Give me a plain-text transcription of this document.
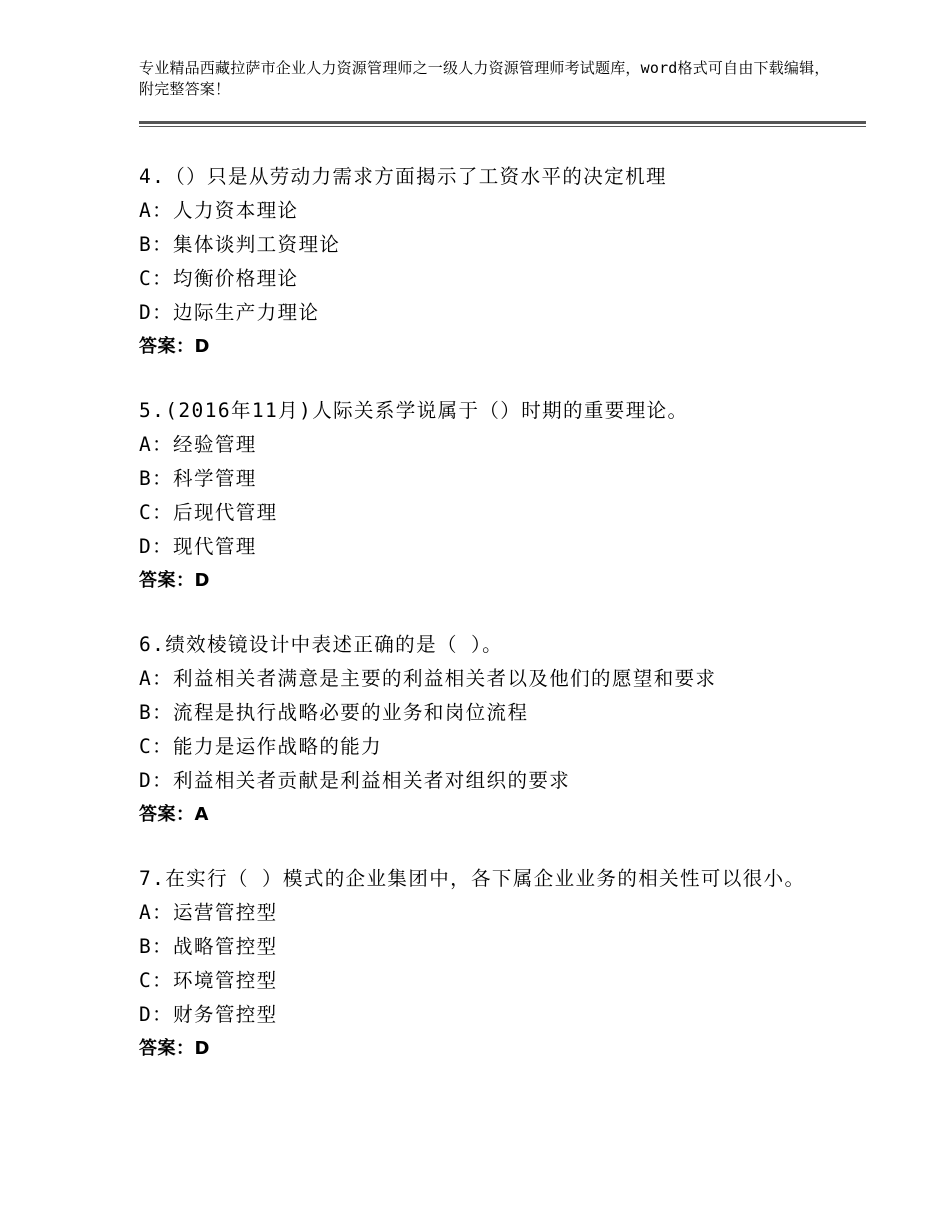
专业精品西藏拉萨市企业人力资源管理师之一级人力资源管理师考试题库，word格式可自由下载编辑，附完整答案！

4.（）只是从劳动力需求方面揭示了工资水平的决定机理

A：人力资本理论

B：集体谈判工资理论

C：均衡价格理论

D：边际生产力理论

答案：D

5.(2016年11月)人际关系学说属于（）时期的重要理论。

A：经验管理

B：科学管理

C：后现代管理

D：现代管理

答案：D

6.绩效棱镜设计中表述正确的是（ ）。

A：利益相关者满意是主要的利益相关者以及他们的愿望和要求

B：流程是执行战略必要的业务和岗位流程

C：能力是运作战略的能力

D：利益相关者贡献是利益相关者对组织的要求

答案：A

7.在实行（ ）模式的企业集团中，各下属企业业务的相关性可以很小。

A：运营管控型

B：战略管控型

C：环境管控型

D：财务管控型

答案：D
